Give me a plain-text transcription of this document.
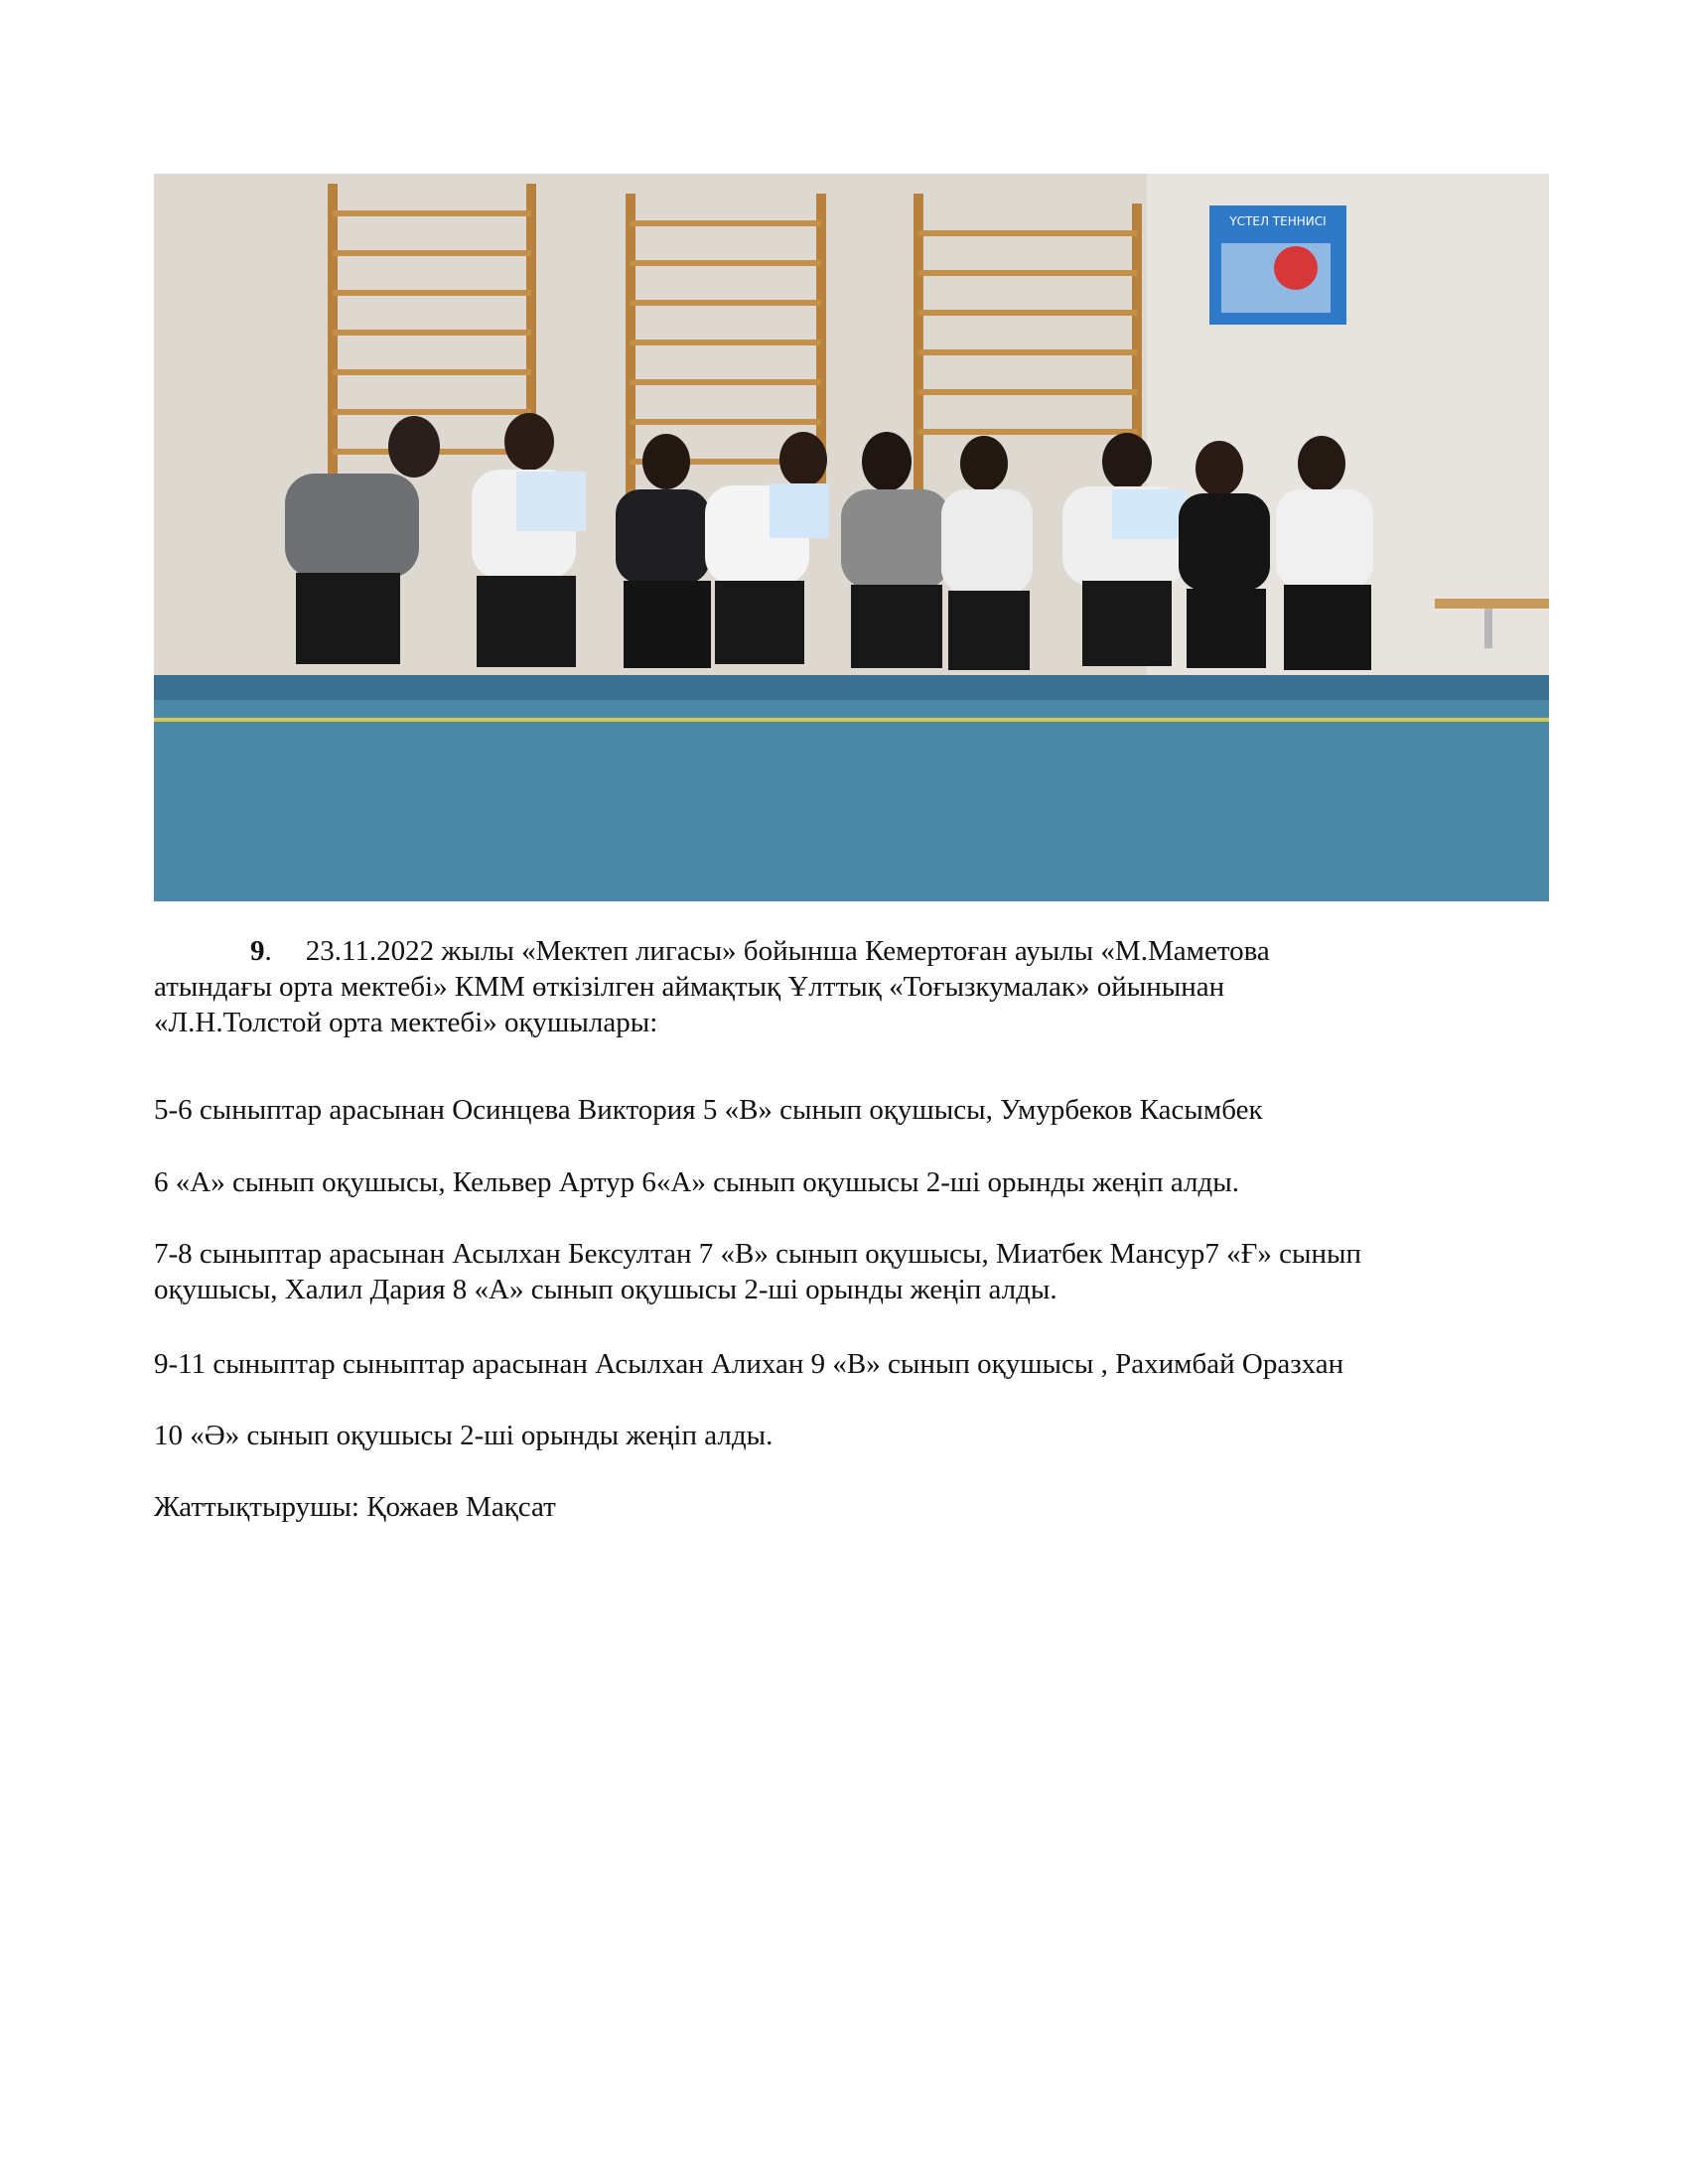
ҮСТЕЛ ТЕННИСІ
9. 23.11.2022 жылы «Мектеп лигасы» бойынша Кемертоған ауылы «М.Маметова
атындағы орта мектебі» КММ өткізілген аймақтық Ұлттық «Тоғызкумалак» ойынынан
«Л.Н.Толстой орта мектебі» оқушылары:
5-6 сыныптар арасынан Осинцева Виктория 5 «В» сынып оқушысы, Умурбеков Касымбек
6 «А» сынып оқушысы, Кельвер Артур 6«А» сынып оқушысы 2-ші орынды жеңіп алды.
7-8 сыныптар арасынан Асылхан Бексултан 7 «В» сынып оқушысы, Миатбек Мансур7 «Ғ» сынып
оқушысы, Халил Дария 8 «А» сынып оқушысы 2-ші орынды жеңіп алды.
9-11 сыныптар сыныптар арасынан Асылхан Алихан 9 «В» сынып оқушысы , Рахимбай Оразхан
10 «Ә» сынып оқушысы 2-ші орынды жеңіп алды.
Жаттықтырушы: Қожаев Мақсат
